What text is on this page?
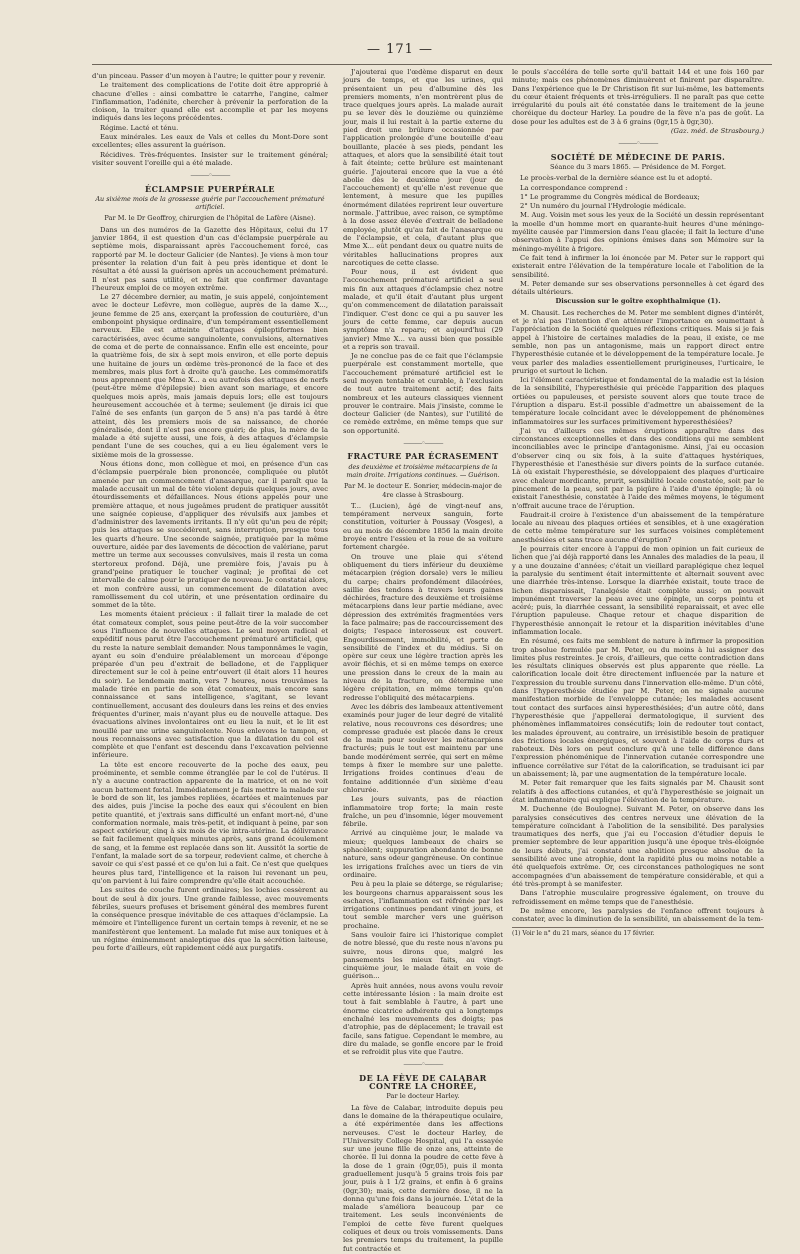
— 171 —

d'un pinceau. Passer d'un moyen à l'autre; le quitter pour y revenir.

Le traitement des complications de l'otite doit être approprié à chacune d'elles : ainsi combattre le catarrhe, l'angine, calmer l'inflammation, l'adénite, chercher à prévenir la perforation de la cloison, la traiter quand elle est accomplie et par les moyens indiqués dans les leçons précédentes.

Régime. Lacté et ténu.

Eaux minérales. Les eaux de Vals et celles du Mont-Dore sont excellentes; elles assurent la guérison.

Récidives. Très-fréquentes. Insister sur le traitement général; visiter souvent l'oreille qui a été malade.

———◦———
ÉCLAMPSIE PUERPÉRALE
Au sixième mois de la grossesse guérie par l'accouchement prématuré artificiel.
Par M. le Dr Geoffroy, chirurgien de l'hôpital de Lafère (Aisne).

Dans un des numéros de la Gazette des Hôpitaux, celui du 17 janvier 1864, il est question d'un cas d'éclampsie puerpérale au septième mois, disparaissant après l'accouchement forcé, cas rapporté par M. le docteur Galicier (de Nantes). Je viens à mon tour présenter la relation d'un fait à peu près identique et dont le résultat a été aussi la guérison après un accouchement prématuré. Il n'est pas sans utilité, et ne fait que confirmer davantage l'heureux emploi de ce moyen extrême.

Le 27 décembre dernier, au matin, je suis appelé, conjointement avec le docteur Lefèvre, mon collègue, auprès de la dame X..., jeune femme de 25 ans, exerçant la profession de couturière, d'un embonpoint physique ordinaire, d'un tempérament essentiellement nerveux. Elle est atteinte d'attaques épileptiformes bien caractérisées, avec écume sanguinolente, convulsions, alternatives de coma et de perte de connaissance. Enfin elle est enceinte, pour la quatrième fois, de six à sept mois environ, et elle porte depuis une huitaine de jours un œdème très-prononcé de la face et des membres, mais plus fort à droite qu'à gauche. Les commémoratifs nous apprennent que Mme X... a eu autrefois des attaques de nerfs (peut-être même d'épilepsie) bien avant son mariage, et encore quelques mois après, mais jamais depuis lors; elle est toujours heureusement accouchée et à terme; seulement (je dirais ici que l'aîné de ses enfants (un garçon de 5 ans) n'a pas tardé à être atteint, dès les premiers mois de sa naissance, de chorée généralisée, dont il n'est pas encore guéri; de plus, la mère de la malade a été sujette aussi, une fois, à des attaques d'éclampsie pendant l'une de ses couches, qui a eu lieu également vers le sixième mois de la grossesse.

Nous étions donc, mon collègue et moi, en présence d'un cas d'éclampsie puerpérale bien prononcée, compliquée ou plutôt amenée par un commencement d'anasarque, car il paraît que la malade accusait un mal de tête violent depuis quelques jours, avec étourdissements et défaillances. Nous étions appelés pour une première attaque, et nous jugeâmes prudent de pratiquer aussitôt une saignée copieuse, d'appliquer des révulsifs aux jambes et d'administrer des lavements irritants. Il n'y eût qu'un peu de répit; puis les attaques se succédèrent, sans interruption, presque tous les quarts d'heure. Une seconde saignée, pratiquée par la même ouverture, aidée par des lavements de décoction de valériane, parut mettre un terme aux secousses convulsives, mais il resta un coma stertoreux profond. Déjà, une première fois, j'avais pu à grand'peine pratiquer le toucher vaginal; je profitai de cet intervalle de calme pour le pratiquer de nouveau. Je constatai alors, et mon confrère aussi, un commencement de dilatation avec ramollissement du col utérin, et une présentation ordinaire du sommet de la tête.

Les moments étaient précieux : il fallait tirer la malade de cet état comateux complet, sous peine peut-être de la voir succomber sous l'influence de nouvelles attaques. Le seul moyen radical et expéditif nous parut être l'accouchement prématuré artificiel, que du reste la nature semblait demander. Nous tamponnâmes le vagin, ayant eu soin d'enduire préalablement un morceau d'éponge préparée d'un peu d'extrait de belladone, et de l'appliquer directement sur le col à peine entr'ouvert (il était alors 11 heures du soir). Le lendemain matin, vers 7 heures, nous trouvâmes la malade tirée en partie de son état comateux, mais encore sans connaissance et sans intelligence, s'agitant, se levant continuellement, accusant des douleurs dans les reins et des envies fréquentes d'uriner, mais n'ayant plus eu de nouvelle attaque. Des évacuations alvines involontaires ont eu lieu la nuit, et le lit est mouillé par une urine sanguinolente. Nous enlevons le tampon, et nous reconnaissons avec satisfaction que la dilatation du col est complète et que l'enfant est descendu dans l'excavation pelvienne inférieure.

La tête est encore recouverte de la poche des eaux, peu proéminente, et semble comme étranglée par le col de l'utérus. Il n'y a aucune contraction apparente de la matrice, et on ne voit aucun battement fœtal. Immédiatement je fais mettre la malade sur le bord de son lit, les jambes repliées, écartées et maintenues par des aides, puis j'incise la poche des eaux qui s'écoulent en bien petite quantité, et j'extrais sans difficulté un enfant mort-né, d'une conformation normale, mais très-petit, et indiquant à peine, par son aspect extérieur, cinq à six mois de vie intra-utérine. La délivrance se fait facilement quelques minutes après, sans grand écoulement de sang, et la femme est replacée dans son lit. Aussitôt la sortie de l'enfant, la malade sort de sa torpeur, redevient calme, et cherche à savoir ce qui s'est passé et ce qu'on lui a fait. Ce n'est que quelques heures plus tard, l'intelligence et la raison lui revenant un peu, qu'on parvient à lui faire comprendre qu'elle était accouchée.

Les suites de couche furent ordinaires; les lochies cessèrent au bout de seul à dix jours. Une grande faiblesse, avec mouvements fébriles, sueurs profuses et brisement général des membres furent la conséquence presque inévitable de ces attaques d'éclampsie. La mémoire et l'intelligence furent un certain temps à revenir, et ne se manifestèrent que lentement. La malade fut mise aux toniques et à un régime éminemment analeptique dès que la sécrétion laiteuse, peu forte d'ailleurs, eût rapidement cédé aux purgatifs.

J'ajouterai que l'œdème disparut en deux jours de temps, et que les urines, qui présentaient un peu d'albumine dès les premiers moments, n'en montrèrent plus de trace quelques jours après. La malade aurait pu se lever dès le douzième ou quinzième jour, mais il lui restait à la partie externe du pied droit une brûlure occasionnée par l'application prolongée d'une bouteille d'eau bouillante, placée à ses pieds, pendant les attaques, et alors que la sensibilité était tout à fait éteinte; cette brûlure est maintenant guérie. J'ajouterai encore que la vue a été abolie dès le deuxième jour (jour de l'accouchement) et qu'elle n'est revenue que lentement, à mesure que les pupilles énormément dilatées reprirent leur ouverture normale. J'attribue, avec raison, ce symptôme à la dose assez élevée d'extrait de belladone employée, plutôt qu'au fait de l'anasarque ou de l'éclampsie, et cela, d'autant plus que Mme X... eût pendant deux ou quatre nuits de véritables hallucinations propres aux narcotiques de cette classe.

Pour nous, il est évident que l'accouchement prématuré artificiel a seul mis fin aux attaques d'éclampsie chez notre malade, et qu'il était d'autant plus urgent qu'on commencement de dilatation paraissait l'indiquer. C'est donc ce qui a pu sauver les jours de cette femme, car depuis aucun symptôme n'a reparu; et aujourd'hui (29 janvier) Mme X... va aussi bien que possible et a repris son travail.

Je ne conclue pas de ce fait que l'éclampsie puerpérale est constamment mortelle, que l'accouchement prématuré artificiel est le seul moyen tentable et curable, à l'exclusion de tout autre traitement actif; des faits nombreux et les auteurs classiques viennent prouver le contraire. Mais j'insiste, comme le docteur Galicier (de Nantes), sur l'utilité de ce remède extrême, en même temps que sur son opportunité.

———◦———
FRACTURE PAR ÉCRASEMENT
des deuxième et troisième métacarpiens de la main droite. Irrigations continues. — Guérison.
Par M. le docteur E. Sonrier, médecin-major de 4re classe à Strasbourg.

T... (Lucien), âgé de vingt-neuf ans, tempérament nerveux sanguin, forte constitution, voiturier à Poussay (Vosges), a eu au mois de décembre 1856 la main droite broyée entre l'essieu et la roue de sa voiture fortement chargée.

On trouve une plaie qui s'étend obliquement du tiers inférieur du deuxième métacarpien (région dorsale) vers le milieu du carpe; chairs profondément dilacérées, saillie des tendons à travers leurs gaines déchirées, fracture des deuxième et troisième métacarpiens dans leur partie médiane, avec dépression des extrémités fragmentées vers la face palmaire; pas de raccourcissement des doigts; l'espace interosseux est couvert. Engourdissement, immobilité, et perte de sensibilité de l'index et du médius. Si on opère sur ceux une légère traction après les avoir fléchis, et si en même temps on exerce une pression dans le creux de la main au niveau de la fracture, on détermine une légère crépitation, en même temps qu'on redresse l'obliquité des métacarpiens.

Avec les débris des lambeaux attentivement examinés pour juger de leur degré de vitalité relative, nous recouvrons ces désordres; une compresse graduée est placée dans le creux de la main pour soulever les métacarpiens fracturés; puis le tout est maintenu par une bande modérément serrée, qui sert en même temps à fixer le membre sur une palette. Irrigations froides continues d'eau de fontaine additionnée d'un sixième d'eau chlorurée.

Les jours suivants, pas de réaction inflammatoire trop forte; la main reste fraîche, un peu d'insomnie, léger mouvement fébrile.

Arrivé au cinquième jour, le malade va mieux; quelques lambeaux de chairs se sphacèlent; suppuration abondante de bonne nature, sans odeur gangréneuse. On continue les irrigations fraîches avec un tiers de vin ordinaire.

Peu à peu la plaie se déterge, se régularise; les bourgeons charnus apparaissent sous les eschares, l'inflammation est réfrénée par les irrigations continues pendant vingt jours, et tout semble marcher vers une guérison prochaine.

Sans vouloir faire ici l'historique complet de notre blessé, que du reste nous n'avons pu suivre, nous dirons que, malgré les pansements les mieux faits, au vingt-cinquième jour, le malade était en voie de guérison...

Après huit années, nous avons voulu revoir cette intéressante lésion : la main droite est tout à fait semblable à l'autre, à part une énorme cicatrice adhérente qui a longtemps enchaîné les mouvements des doigts; pas d'atrophie, pas de déplacement; le travail est facile, sans fatigue. Cependant le membre, au dire du malade, se gonfle encore par le froid et se refroidit plus vite que l'autre.

———◦———
DE LA FÈVE DE CALABAR CONTRE LA CHORÉE,
Par le docteur Harley.

La fève de Calabar, introduite depuis peu dans le domaine de la thérapeutique oculaire, a été expérimentée dans les affections nerveuses. C'est le docteur Harley, de l'University College Hospital, qui l'a essayée sur une jeune fille de onze ans, atteinte de chorée. Il lui donna la poudre de cette fève à la dose de 1 grain (0gr,05), puis il monta graduellement jusqu'à 5 grains trois fois par jour, puis à 1 1/2 grains, et enfin à 6 grains (0gr,30); mais, cette dernière dose, il ne la donna qu'une fois dans la journée. L'état de la malade s'améliora beaucoup par ce traitement. Les seuls inconvénients de l'emploi de cette fève furent quelques coliques et deux ou trois vomissements. Dans les premiers temps du traitement, la pupille fut contractée et

le pouls s'accéléra de telle sorte qu'il battait 144 et une fois 160 par minute; mais ces phénomènes diminuèrent et finirent par disparaître. Dans l'expérience que le Dr Christison fit sur lui-même, les battements du cœur étaient fréquents et très-irréguliers. Il ne paraît pas que cette irrégularité du pouls ait été constatée dans le traitement de la jeune choréique du docteur Harley. La poudre de la fève n'a pas de goût. La dose pour les adultes est de 3 à 6 grains (0gr,15 à 0gr,30).

(Gaz. méd. de Strasbourg.)

———◦———
SOCIÉTÉ DE MÉDECINE DE PARIS.
Séance du 3 mars 1865. — Présidence de M. Forget.

Le procès-verbal de la dernière séance est lu et adopté.

La correspondance comprend :

1° Le programme du Congrès médical de Bordeaux;

2° Un numéro du journal l'Hydrologie médicale.

M. Aug. Voisin met sous les yeux de la Société un dessin représentant la moelle d'un homme mort en quarante-huit heures d'une méningo-myélite causée par l'immersion dans l'eau glacée; il fait la lecture d'une observation à l'appui des opinions émises dans son Mémoire sur la méningo-myélite à frigore.

Ce fait tend à infirmer la loi énoncée par M. Peter sur le rapport qui existerait entre l'élévation de la température locale et l'abolition de la sensibilité.

M. Peter demande sur ses observations personnelles à cet égard des détails ultérieurs.

Discussion sur le goître exophthalmique (1).

M. Chausit. Les recherches de M. Peter me semblent dignes d'intérêt, et je n'ai pas l'intention d'en atténuer l'importance en soumettant à l'appréciation de la Société quelques réflexions critiques. Mais si je fais appel à l'histoire de certaines maladies de la peau, il existe, ce me semble, non pas un antagonisme, mais un rapport direct entre l'hyperesthésie cutanée et le développement de la température locale. Je veux parler des maladies essentiellement prurigineuses, l'urticaire, le prurigo et surtout le lichen.

Ici l'élément caractéristique et fondamental de la maladie est la lésion de la sensibilité, l'hyperesthésie qui précède l'apparition des plaques ortiées ou papuleuses, et persiste souvent alors que toute trace de l'éruption a disparu. Est-il possible d'admettre un abaissement de la température locale coïncidant avec le développement de phénomènes inflammatoires sur les surfaces primitivement hyperesthésiées?

J'ai vu d'ailleurs ces mêmes éruptions apparaître dans des circonstances exceptionnelles et dans des conditions qui me semblent inconciliables avec le principe d'antagonisme. Ainsi, j'ai eu occasion d'observer cinq ou six fois, à la suite d'attaques hystériques, l'hyperesthésie et l'anesthésie sur divers points de la surface cutanée. Là où existait l'hyperesthésie, se développaient des plaques d'urticaire avec chaleur mordicante, prurit, sensibilité locale constatée, soit par le pincement de la peau, soit par la piqûre à l'aide d'une épingle; là où existait l'anesthésie, constatée à l'aide des mêmes moyens, le tégument n'offrait aucune trace de l'éruption.

Faudrait-il croire à l'existence d'un abaissement de la température locale au niveau des plaques ortiées et sensibles, et à une exagération de cette même température sur les surfaces voisines complétement anesthésiées et sans trace aucune d'éruption?

Je pourrais citer encore à l'appui de mon opinion un fait curieux de lichen que j'ai déjà rapporté dans les Annales des maladies de la peau, il y a une douzaine d'années; c'était un vieillard paraplégique chez lequel la paralysie du sentiment était intermittente et alternait souvent avec une diarrhée très-intense. Lorsque la diarrhée existait, toute trace de lichen disparaissait, l'analgésie était complète aussi; on pouvait impunément traverser la peau avec une épingle, un corps pointu et acéré; puis, la diarrhée cessant, la sensibilité reparaissait, et avec elle l'éruption papuleuse. Chaque retour et chaque disparition de l'hyperesthésie annonçait le retour et la disparition inévitables d'une inflammation locale.

En résumé, ces faits me semblent de nature à infirmer la proposition trop absolue formulée par M. Peter, ou du moins à lui assigner des limites plus restreintes. Je crois, d'ailleurs, que cette contradiction dans les résultats cliniques observés est plus apparente que réelle. La calorification locale doit être directement influencée par la nature et l'expression du trouble survenu dans l'innervation elle-même. D'un côté, dans l'hyperesthésie étudiée par M. Peter, on ne signale aucune manifestation morbide de l'enveloppe cutanée; les malades accusent tout contact des surfaces ainsi hyperesthésiées; d'un autre côté, dans l'hyperesthésie que j'appellerai dermatologique, il survient des phénomènes inflammatoires consécutifs; loin de redouter tout contact, les malades éprouvent, au contraire, un irrésistible besoin de pratiquer des frictions locales énergiques, et souvent à l'aide de corps durs et raboteux. Dès lors on peut conclure qu'à une telle différence dans l'expression phénoménique de l'innervation cutanée correspondre une influence corrélative sur l'état de la calorification, se traduisant ici par un abaissement; là, par une augmentation de la température locale.

M. Peter fait remarquer que les faits signalés par M. Chausit sont relatifs à des affections cutanées, et qu'à l'hyperesthésie se joignait un état inflammatoire qui explique l'élévation de la température.

M. Duchenne (de Boulogne). Suivant M. Peter, on observe dans les paralysies consécutives des centres nerveux une élévation de la température coïncidant à l'abolition de la sensibilité. Des paralysies traumatiques des nerfs, que j'ai eu l'occasion d'étudier depuis le premier septembre de leur apparition jusqu'à une époque très-éloignée de leurs débuts, j'ai constaté une abolition presque absolue de la sensibilité avec une atrophie, dont la rapidité plus ou moins notable a été quelquefois extrême. Or, ces circonstances pathologiques ne sont accompagnées d'un abaissement de température considérable, et qui a été très-prompt à se manifester.

Dans l'atrophie musculaire progressive également, on trouve du refroidissement en même temps que de l'anesthésie.

De même encore, les paralysies de l'enfance offrent toujours à constater, avec la diminution de la sensibilité, un abaissement de la tem-

(1) Voir le n° du 21 mars, séance du 17 février.
